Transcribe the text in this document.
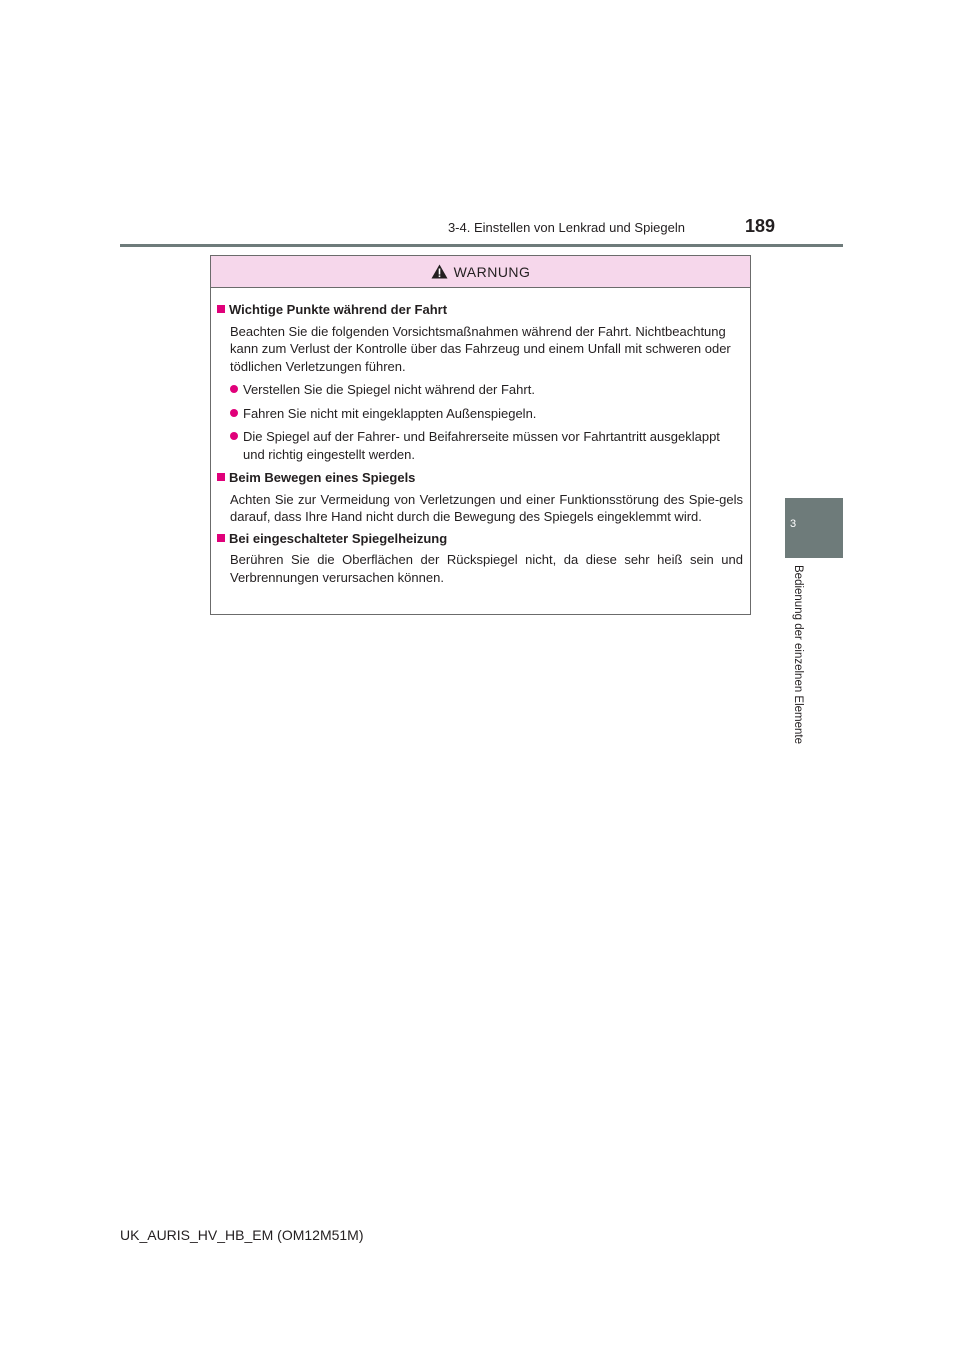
3-4. Einstellen von Lenkrad und Spiegeln	189
3
Bedienung der einzelnen Elemente
WARNUNG
Wichtige Punkte während der Fahrt
Beachten Sie die folgenden Vorsichtsmaßnahmen während der Fahrt. Nichtbeachtung kann zum Verlust der Kontrolle über das Fahrzeug und einem Unfall mit schweren oder tödlichen Verletzungen führen.
Verstellen Sie die Spiegel nicht während der Fahrt.
Fahren Sie nicht mit eingeklappten Außenspiegeln.
Die Spiegel auf der Fahrer- und Beifahrerseite müssen vor Fahrtantritt ausgeklappt und richtig eingestellt werden.
Beim Bewegen eines Spiegels
Achten Sie zur Vermeidung von Verletzungen und einer Funktionsstörung des Spie-gels darauf, dass Ihre Hand nicht durch die Bewegung des Spiegels eingeklemmt wird.
Bei eingeschalteter Spiegelheizung
Berühren Sie die Oberflächen der Rückspiegel nicht, da diese sehr heiß sein und Verbrennungen verursachen können.
UK_AURIS_HV_HB_EM (OM12M51M)
